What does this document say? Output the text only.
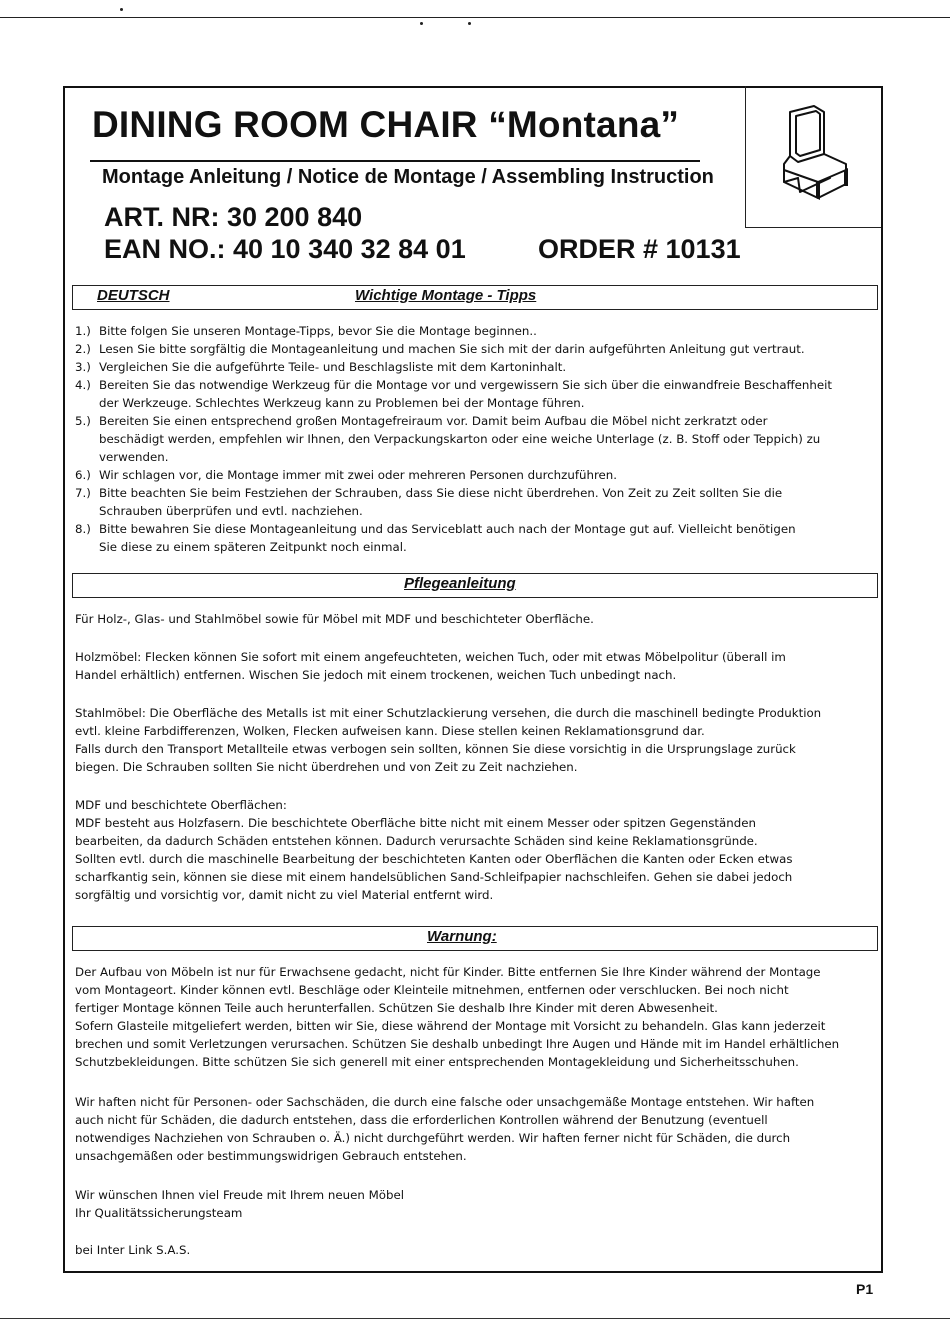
DINING ROOM CHAIR “Montana”
Montage Anleitung / Notice de Montage / Assembling Instruction
ART. NR: 30 200 840
EAN NO.: 40 10 340 32 84 01	ORDER # 10131
DEUTSCH	Wichtige Montage - Tipps
1.) Bitte folgen Sie unseren Montage-Tipps, bevor Sie die Montage beginnen..
2.) Lesen Sie bitte sorgfältig die Montageanleitung und machen Sie sich mit der darin aufgeführten Anleitung gut vertraut.
3.) Vergleichen Sie die aufgeführte Teile- und Beschlagsliste mit dem Kartoninhalt.
4.) Bereiten Sie das notwendige Werkzeug für die Montage vor und vergewissern Sie sich über die einwandfreie Beschaffenheit
der Werkzeuge. Schlechtes Werkzeug kann zu Problemen bei der Montage führen.
5.) Bereiten Sie einen entsprechend großen Montagefreiraum vor. Damit beim Aufbau die Möbel nicht zerkratzt oder
beschädigt werden, empfehlen wir Ihnen, den Verpackungskarton oder eine weiche Unterlage (z. B. Stoff oder Teppich) zu
verwenden.
6.) Wir schlagen vor, die Montage immer mit zwei oder mehreren Personen durchzuführen.
7.) Bitte beachten Sie beim Festziehen der Schrauben, dass Sie diese nicht überdrehen. Von Zeit zu Zeit sollten Sie die
Schrauben überprüfen und evtl. nachziehen.
8.) Bitte bewahren Sie diese Montageanleitung und das Serviceblatt auch nach der Montage gut auf. Vielleicht benötigen
Sie diese zu einem späteren Zeitpunkt noch einmal.
Pflegeanleitung
Für Holz-, Glas- und Stahlmöbel sowie für Möbel mit MDF und beschichteter Oberfläche.
Holzmöbel: Flecken können Sie sofort mit einem angefeuchteten, weichen Tuch, oder mit etwas Möbelpolitur (überall im
Handel erhältlich) entfernen. Wischen Sie jedoch mit einem trockenen, weichen Tuch unbedingt nach.
Stahlmöbel: Die Oberfläche des Metalls ist mit einer Schutzlackierung versehen, die durch die maschinell bedingte Produktion
evtl. kleine Farbdifferenzen, Wolken, Flecken aufweisen kann. Diese stellen keinen Reklamationsgrund dar.
Falls durch den Transport Metallteile etwas verbogen sein sollten, können Sie diese vorsichtig in die Ursprungslage zurück
biegen. Die Schrauben sollten Sie nicht überdrehen und von Zeit zu Zeit nachziehen.
MDF und beschichtete Oberflächen:
MDF besteht aus Holzfasern. Die beschichtete Oberfläche bitte nicht mit einem Messer oder spitzen Gegenständen
bearbeiten, da dadurch Schäden entstehen können. Dadurch verursachte Schäden sind keine Reklamationsgründe.
Sollten evtl. durch die maschinelle Bearbeitung der beschichteten Kanten oder Oberflächen die Kanten oder Ecken etwas
scharfkantig sein, können sie diese mit einem handelsüblichen Sand-Schleifpapier nachschleifen. Gehen sie dabei jedoch
sorgfältig und vorsichtig vor, damit nicht zu viel Material entfernt wird.
Warnung:
Der Aufbau von Möbeln ist nur für Erwachsene gedacht, nicht für Kinder. Bitte entfernen Sie Ihre Kinder während der Montage
vom Montageort. Kinder können evtl. Beschläge oder Kleinteile mitnehmen, entfernen oder verschlucken. Bei noch nicht
fertiger Montage können Teile auch herunterfallen. Schützen Sie deshalb Ihre Kinder mit deren Abwesenheit.
Sofern Glasteile mitgeliefert werden, bitten wir Sie, diese während der Montage mit Vorsicht zu behandeln. Glas kann jederzeit
brechen und somit Verletzungen verursachen. Schützen Sie deshalb unbedingt Ihre Augen und Hände mit im Handel erhältlichen
Schutzbekleidungen. Bitte schützen Sie sich generell mit einer entsprechenden Montagekleidung und Sicherheitsschuhen.
Wir haften nicht für Personen- oder Sachschäden, die durch eine falsche oder unsachgemäße Montage entstehen. Wir haften
auch nicht für Schäden, die dadurch entstehen, dass die erforderlichen Kontrollen während der Benutzung (eventuell
notwendiges Nachziehen von Schrauben o. Ä.) nicht durchgeführt werden. Wir haften ferner nicht für Schäden, die durch
unsachgemäßen oder bestimmungswidrigen Gebrauch entstehen.
Wir wünschen Ihnen viel Freude mit Ihrem neuen Möbel
Ihr Qualitätssicherungsteam
bei Inter Link S.A.S.
P1
